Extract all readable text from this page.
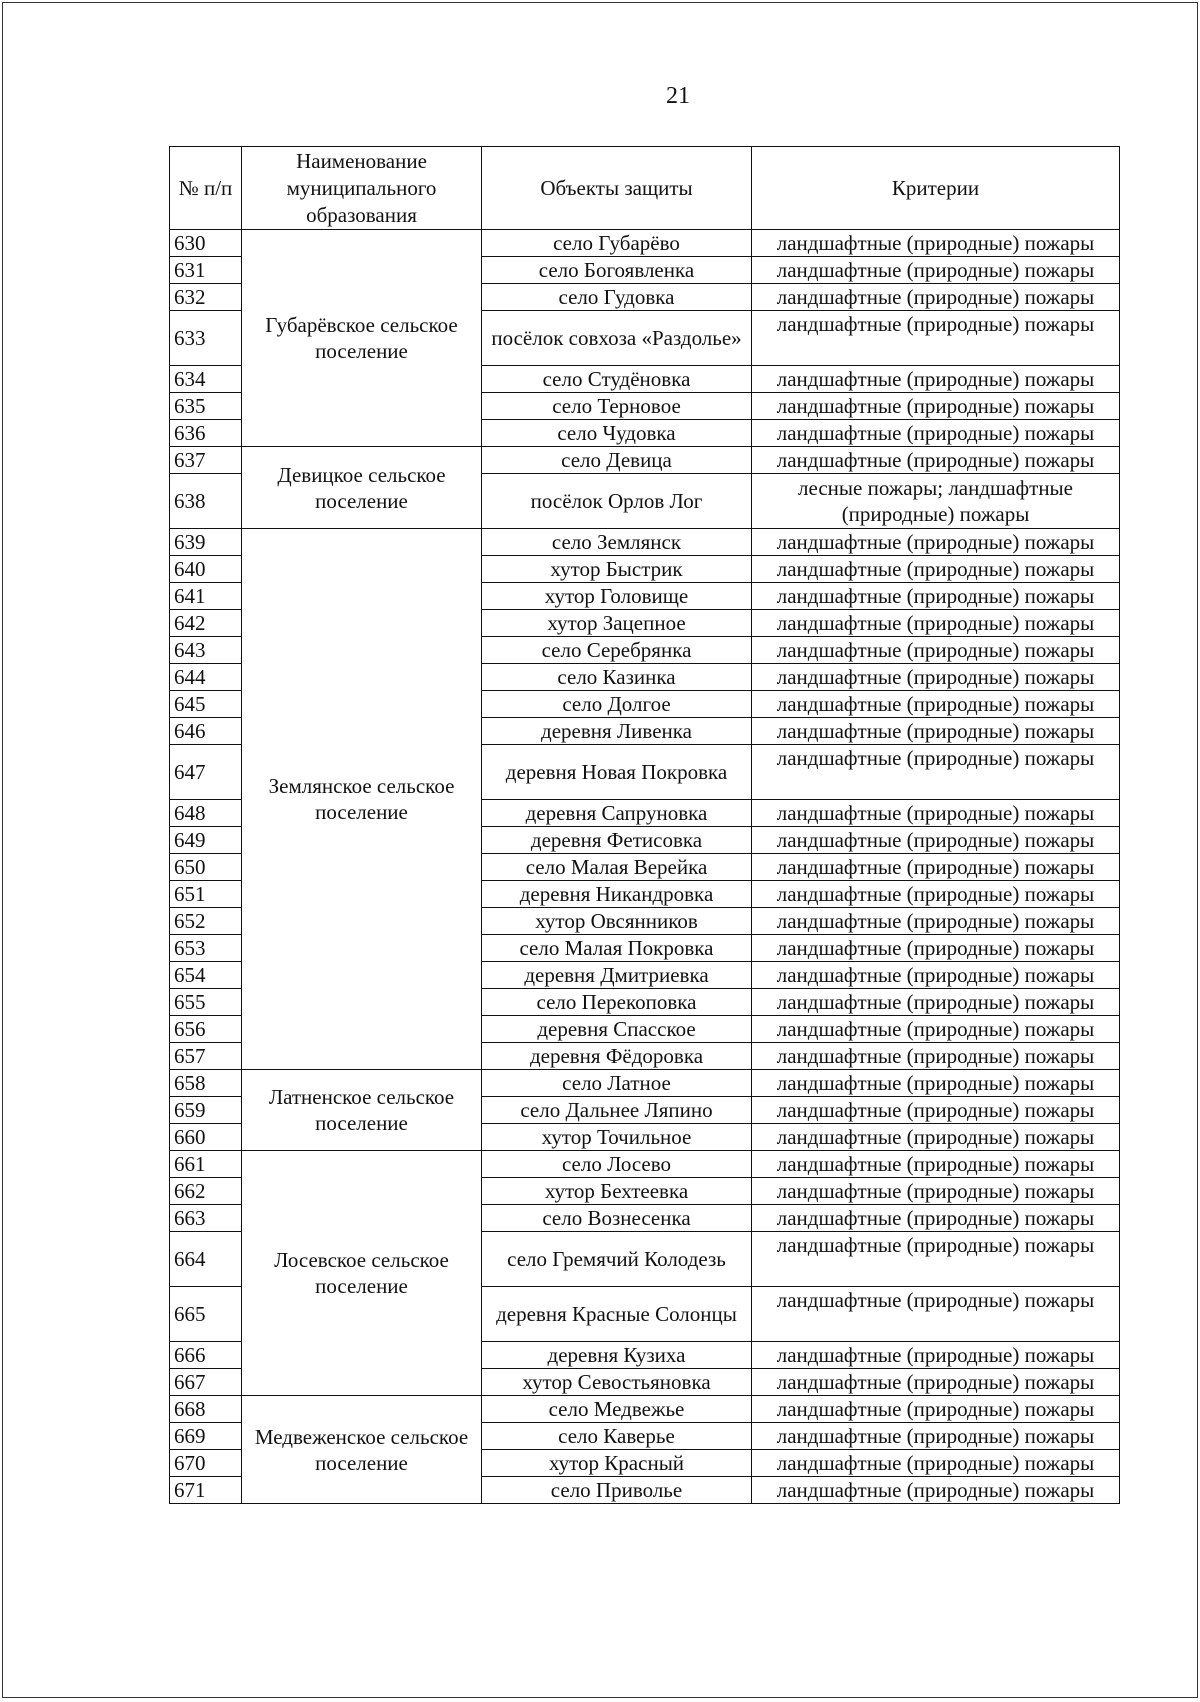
21
№ п/п	Наименование муниципального образования	Объекты защиты	Критерии
630	Губарёвское сельское поселение	село Губарёво	ландшафтные (природные) пожары
631		село Богоявленка	ландшафтные (природные) пожары
632		село Гудовка	ландшафтные (природные) пожары
633		посёлок совхоза «Раздолье»	ландшафтные (природные) пожары
634		село Студёновка	ландшафтные (природные) пожары
635		село Терновое	ландшафтные (природные) пожары
636		село Чудовка	ландшафтные (природные) пожары
637	Девицкое сельское поселение	село Девица	ландшафтные (природные) пожары
638		посёлок Орлов Лог	лесные пожары; ландшафтные (природные) пожары
639	Землянское сельское поселение	село Землянск	ландшафтные (природные) пожары
640		хутор Быстрик	ландшафтные (природные) пожары
641		хутор Головище	ландшафтные (природные) пожары
642		хутор Зацепное	ландшафтные (природные) пожары
643		село Серебрянка	ландшафтные (природные) пожары
644		село Казинка	ландшафтные (природные) пожары
645		село Долгое	ландшафтные (природные) пожары
646		деревня Ливенка	ландшафтные (природные) пожары
647		деревня Новая Покровка	ландшафтные (природные) пожары
648		деревня Сапруновка	ландшафтные (природные) пожары
649		деревня Фетисовка	ландшафтные (природные) пожары
650		село Малая Верейка	ландшафтные (природные) пожары
651		деревня Никандровка	ландшафтные (природные) пожары
652		хутор Овсянников	ландшафтные (природные) пожары
653		село Малая Покровка	ландшафтные (природные) пожары
654		деревня Дмитриевка	ландшафтные (природные) пожары
655		село Перекоповка	ландшафтные (природные) пожары
656		деревня Спасское	ландшафтные (природные) пожары
657		деревня Фёдоровка	ландшафтные (природные) пожары
658	Латненское сельское поселение	село Латное	ландшафтные (природные) пожары
659		село Дальнее Ляпино	ландшафтные (природные) пожары
660		хутор Точильное	ландшафтные (природные) пожары
661	Лосевское сельское поселение	село Лосево	ландшафтные (природные) пожары
662		хутор Бехтеевка	ландшафтные (природные) пожары
663		село Вознесенка	ландшафтные (природные) пожары
664		село Гремячий Колодезь	ландшафтные (природные) пожары
665		деревня Красные Солонцы	ландшафтные (природные) пожары
666		деревня Кузиха	ландшафтные (природные) пожары
667		хутор Севостьяновка	ландшафтные (природные) пожары
668	Медвеженское сельское поселение	село Медвежье	ландшафтные (природные) пожары
669		село Каверье	ландшафтные (природные) пожары
670		хутор Красный	ландшафтные (природные) пожары
671		село Приволье	ландшафтные (природные) пожары
